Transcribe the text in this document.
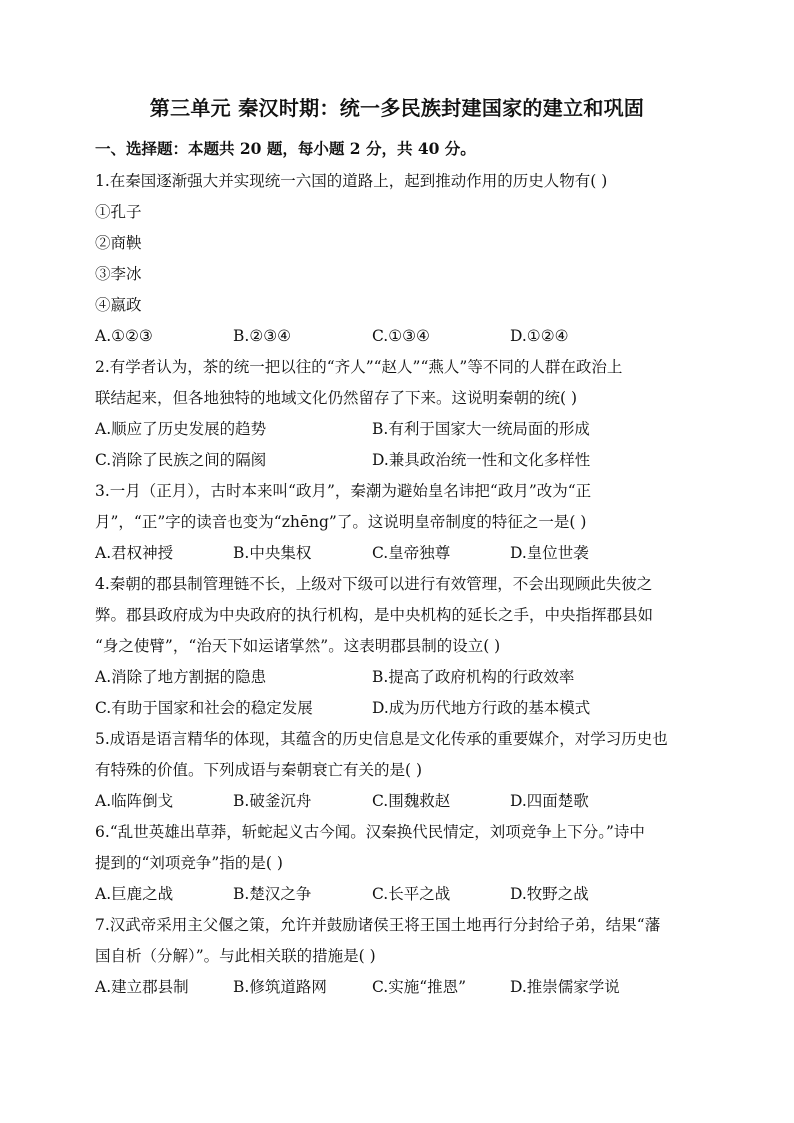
第三单元 秦汉时期：统一多民族封建国家的建立和巩固
一、选择题：本题共 20 题，每小题 2 分，共 40 分。
1.在秦国逐渐强大并实现统一六国的道路上，起到推动作用的历史人物有( )
①孔子
②商鞅
③李冰
④嬴政
A.①②③	B.②③④	C.①③④	D.①②④
2.有学者认为，茶的统一把以往的“齐人”“赵人”“燕人”等不同的人群在政治上
联结起来，但各地独特的地域文化仍然留存了下来。这说明秦朝的统( )
A.顺应了历史发展的趋势	B.有利于国家大一统局面的形成
C.消除了民族之间的隔阂	D.兼具政治统一性和文化多样性
3.一月（正月），古时本来叫“政月”，秦潮为避始皇名讳把“政月”改为“正
月”，“正”字的读音也变为“zhēng”了。这说明皇帝制度的特征之一是( )
A.君权神授	B.中央集权	C.皇帝独尊	D.皇位世袭
4.秦朝的郡县制管理链不长，上级对下级可以进行有效管理，不会出现顾此失彼之
弊。郡县政府成为中央政府的执行机构，是中央机构的延长之手，中央指挥郡县如
“身之使臂”，“治天下如运诸掌然”。这表明郡县制的设立( )
A.消除了地方割据的隐患	B.提高了政府机构的行政效率
C.有助于国家和社会的稳定发展	D.成为历代地方行政的基本模式
5.成语是语言精华的体现，其蕴含的历史信息是文化传承的重要媒介，对学习历史也
有特殊的价值。下列成语与秦朝衰亡有关的是( )
A.临阵倒戈	B.破釜沉舟	C.围魏救赵	D.四面楚歌
6.“乱世英雄出草莽，斩蛇起义古今闻。汉秦换代民情定，刘项竞争上下分。”诗中
提到的“刘项竞争”指的是( )
A.巨鹿之战	B.楚汉之争	C.长平之战	D.牧野之战
7.汉武帝采用主父偃之策，允许并鼓励诸侯王将王国土地再行分封给子弟，结果“藩
国自析（分解）”。与此相关联的措施是( )
A.建立郡县制	B.修筑道路网	C.实施“推恩”	D.推崇儒家学说
